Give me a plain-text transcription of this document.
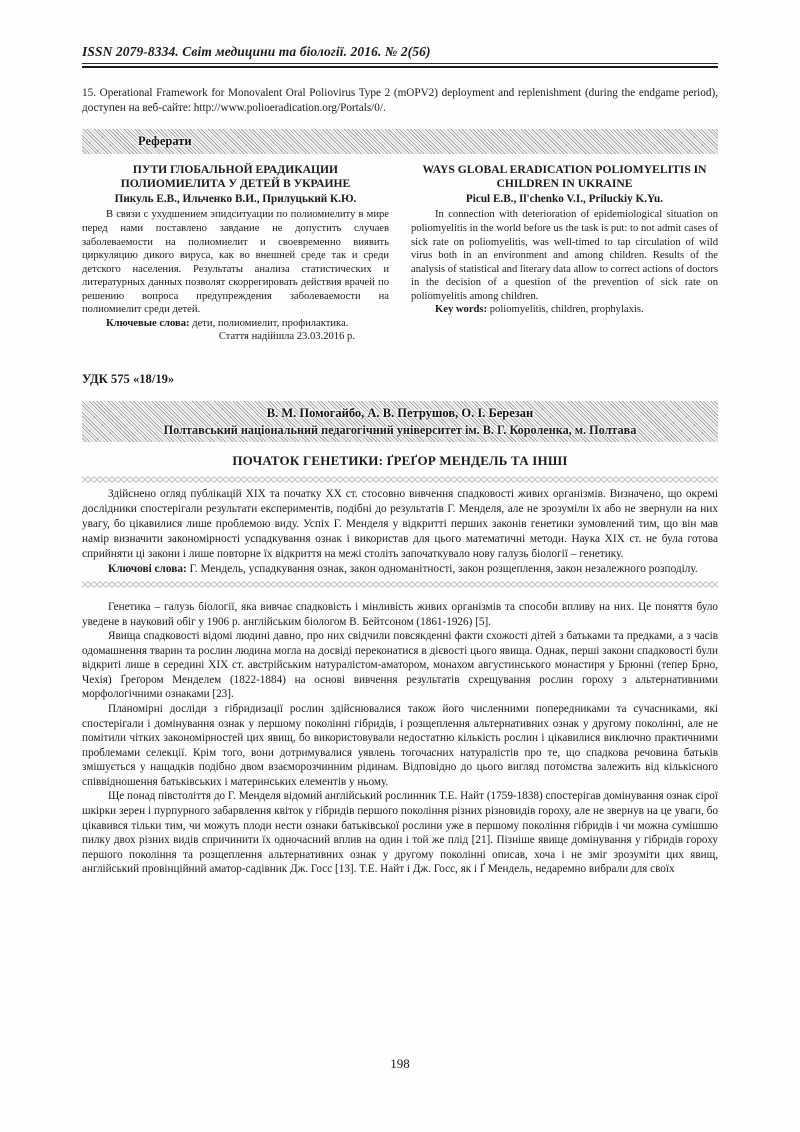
ISSN 2079-8334. Світ медицини та біології. 2016. № 2(56)

15. Operational Framework for Monovalent Oral Poliovirus Type 2 (mOPV2) deployment and replenishment (during the endgame period), доступен на веб-сайте: http://www.polioeradication.org/Portals/0/.

Реферати

ПУТИ ГЛОБАЛЬНОЙ ЕРАДИКАЦИИ ПОЛИОМИЕЛИТА У ДЕТЕЙ В УКРАИНЕ

Пикуль Е.В., Ильченко В.И., Прилуцький К.Ю.

В связи с ухудшением эпидситуации по полиомиелиту в мире перед нами поставлено завдание не допустить случаев заболеваемости на полиомиелит и своевременно виявить циркуляцию дикого вируса, как во внешней среде так и среди детского населения. Результаты анализа статистических и литературных данных позволят скоррегировать действия врачей по решению вопроса предупреждения заболеваемости на полиомиелит среди детей.

Ключевые слова: дети, полиомиелит, профилактика.

Стаття надійшла 23.03.2016 р.

WAYS GLOBAL ERADICATION POLIOMYELITIS IN CHILDREN IN UKRAINE

Picul E.B., Il'chenko V.I., Priluckiy K.Yu.

In connection with deterioration of epidemiological situation on poliomyelitis in the world before us the task is put: to not admit cases of sick rate on poliomyelitis, was well-timed to tap circulation of wild virus both in an environment and among children. Results of the analysis of statistical and literary data allow to correct actions of doctors in the decision of a question of the prevention of sick rate on poliomyelitis among children.

Key words: poliomyelitis, children, prophylaxis.

УДК 575 «18/19»
В. М. Помогайбо, А. В. Петрушов, О. І. Березан
Полтавський національний педагогічний університет ім. В. Г. Короленка, м. Полтава
ПОЧАТОК ГЕНЕТИКИ: ҐРЕҐОР МЕНДЕЛЬ ТА ІНШІ

Здійснено огляд публікацій XIX та початку XX ст. стосовно вивчення спадковості живих організмів. Визначено, що окремі дослідники спостерігали результати експериментів, подібні до результатів Г. Менделя, але не зрозуміли їх або не звернули на них увагу, бо цікавилися лише проблемою виду. Успіх Г. Менделя у відкритті перших законів генетики зумовлений тим, що він мав намір визначити закономірності успадкування ознак і використав для цього математичні методи. Наука XIX ст. не була готова сприйняти ці закони і лише повторне їх відкриття на межі століть започаткувало нову галузь біології – генетику.

Ключові слова: Г. Мендель, успадкування ознак, закон одноманітності, закон розщеплення, закон незалежного розподілу.

Генетика – галузь біології, яка вивчає спадковість і мінливість живих організмів та способи впливу на них. Це поняття було уведене в науковий обіг у 1906 р. англійським біологом В. Бейтсоном (1861-1926) [5].

Явища спадковості відомі людині давно, про них свідчили повсякденні факти схожості дітей з батьками та предками, а з часів одомашнення тварин та рослин людина могла на досвіді переконатися в дієвості цього явища. Однак, перші закони спадковості були відкриті лише в середині XIX ст. австрійським натуралістом-аматором, монахом августинського монастиря у Брюнні (тепер Брно, Чехія) Ґреґором Менделем (1822-1884) на основі вивчення результатів схрещування рослин гороху з альтернативними морфологічними ознаками [23].

Планомірні досліди з гібридизації рослин здійснювалися також його численними попередниками та сучасниками, які спостерігали і домінування ознак у першому поколінні гібридів, і розщеплення альтернативних ознак у другому поколінні, але не помітили чітких закономірностей цих явищ, бо використовували недостатню кількість рослин і цікавилися виключно практичними проблемами селекції. Крім того, вони дотримувалися уявлень тогочасних натуралістів про те, що спадкова речовина батьків змішується у нащадків подібно двом взаєморозчинним рідинам. Відповідно до цього вигляд потомства залежить від кількісного співвідношення батьківських і материнських елементів у ньому.

Ще понад півстоліття до Г. Менделя відомий англійський рослинник Т.Е. Найт (1759-1838) спостерігав домінування ознак сірої шкірки зерен і пурпурного забарвлення квіток у гібридів першого покоління різних різновидів гороху, але не звернув на це уваги, бо цікавився тільки тим, чи можуть плоди нести ознаки батьківської рослини уже в першому покоління гібридів і чи можна сумішшю пилку двох різних видів спричинити їх одночасний вплив на один і той же плід [21]. Пізніше явище домінування у гібридів гороху першого покоління та розщеплення альтернативних ознак у другому поколінні описав, хоча і не зміг зрозуміти цих явищ, англійський провінційний аматор-садівник Дж. Госс [13]. Т.Е. Найт і Дж. Госс, як і Ґ Мендель, недаремно вибрали для своїх

198
